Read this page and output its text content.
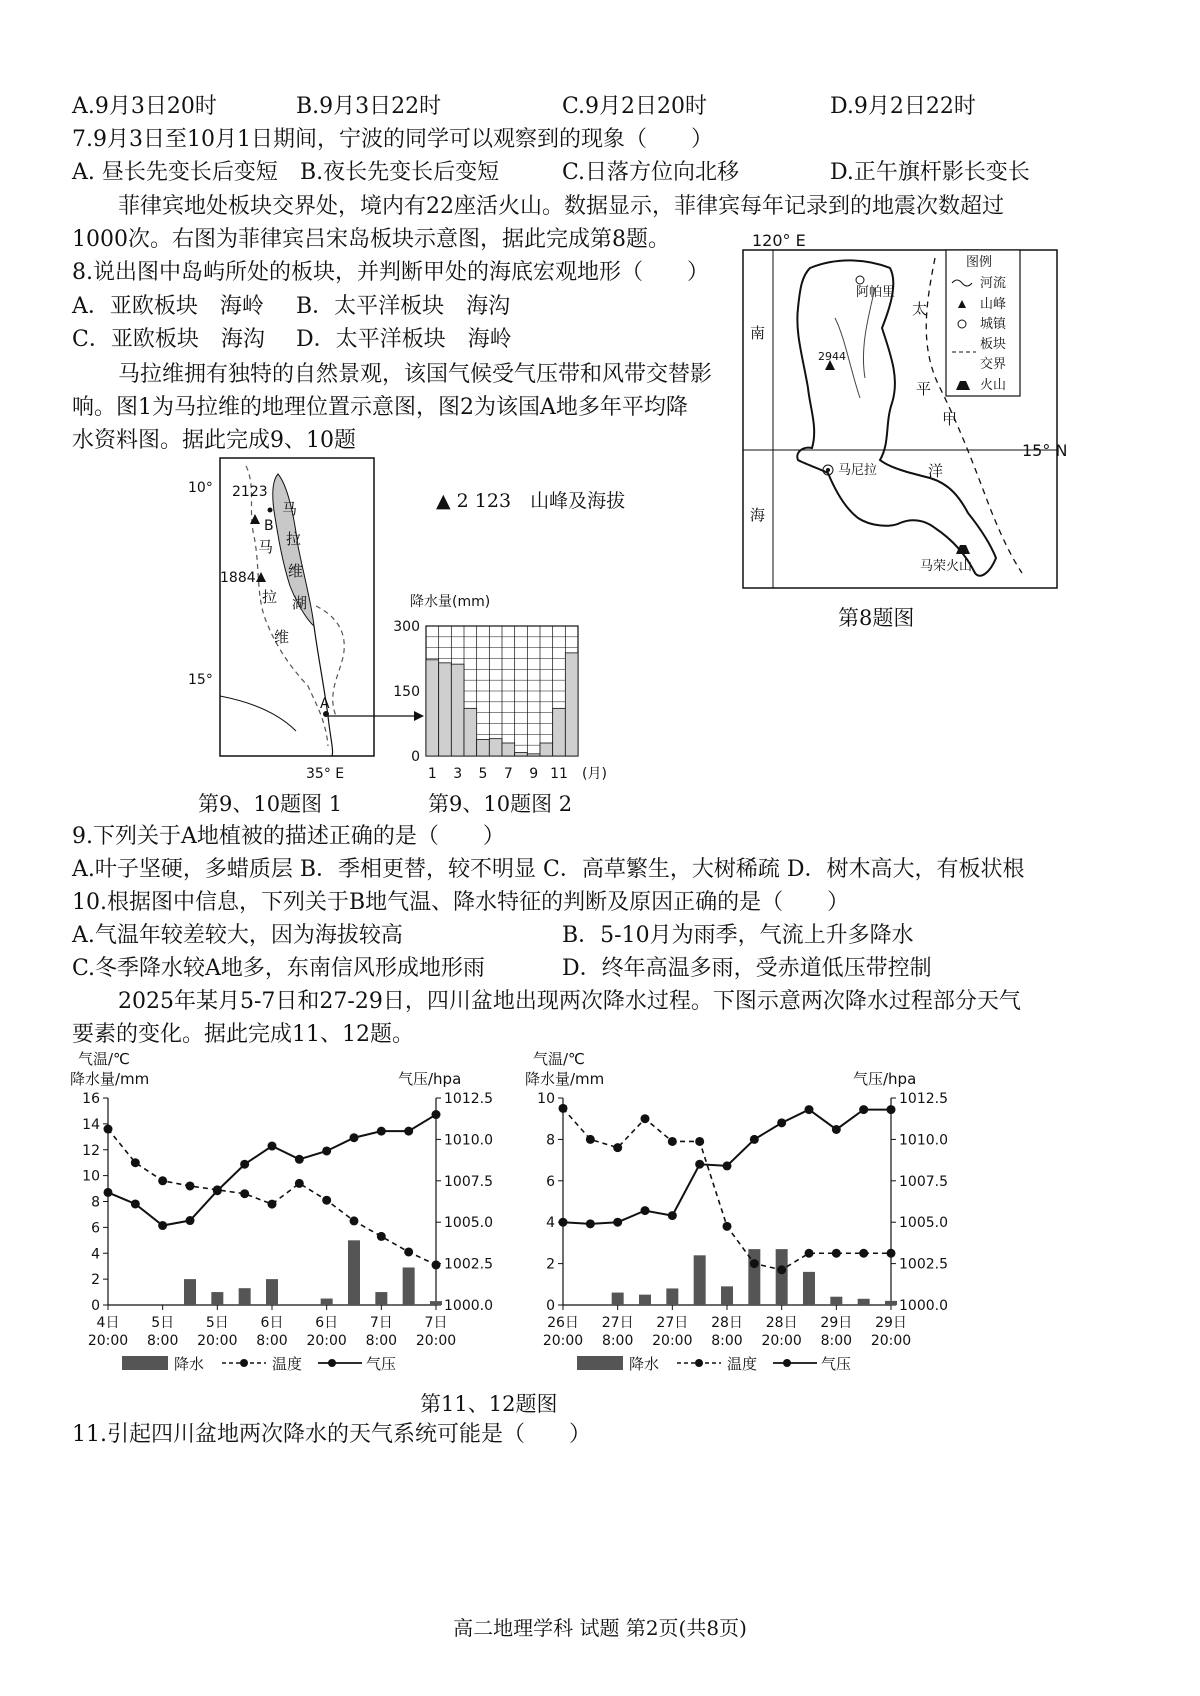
A.9月3日20时	B.9月3日22时	C.9月2日20时	D.9月2日22时
7.9月3日至10月1日期间，宁波的同学可以观察到的现象（　　）
A. 昼长先变长后变短 B.夜长先变长后变短	C.日落方位向北移	D.正午旗杆影长变长
菲律宾地处板块交界处，境内有22座活火山。数据显示，菲律宾每年记录到的地震次数超过
1000次。右图为菲律宾吕宋岛板块示意图，据此完成第8题。
8.说出图中岛屿所处的板块，并判断甲处的海底宏观地形（　　）
A．亚欧板块　海岭 B．太平洋板块　海沟
C．亚欧板块　海沟 D．太平洋板块　海岭
马拉维拥有独特的自然景观，该国气候受气压带和风带交替影
响。图1为马拉维的地理位置示意图，图2为该国A地多年平均降
水资料图。据此完成9、10题
120° E
15° N
阿帕里
2944
马尼拉
马荣火山
南
海
太
平
洋
甲
图例
河流
山峰
城镇
板块
交界
火山
第8题图
10°
15°
35° E
2123
B
1884
马
拉
维
马
拉
维
湖
A
▲ 2 123　山峰及海拔
降水量(mm)
300
150
0
1 3 5 7 9 11 (月)
第9、10题图 1	第9、10题图 2
9.下列关于A地植被的描述正确的是（　　）
A.叶子坚硬，多蜡质层 B．季相更替，较不明显 C．高草繁生，大树稀疏 D．树木高大，有板状根
10.根据图中信息，下列关于B地气温、降水特征的判断及原因正确的是（　　）
A.气温年较差较大，因为海拔较高	B．5-10月为雨季，气流上升多降水
C.冬季降水较A地多，东南信风形成地形雨	D．终年高温多雨，受赤道低压带控制
2025年某月5-7日和27-29日，四川盆地出现两次降水过程。下图示意两次降水过程部分天气
要素的变化。据此完成11、12题。
气温/℃
降水量/mm	气压/hpa
16
14
12
10
8
6
4
2
0
1012.5
1010.0
1007.5
1005.0
1002.5
1000.0
4日
20:00
5日
8:00
5日
20:00
6日
8:00
6日
20:00
7日
8:00
7日
20:00
降水	温度	气压
气温/℃
降水量/mm	气压/hpa
10
8
6
4
2
0
1012.5
1010.0
1007.5
1005.0
1002.5
1000.0
26日
20:00
27日
8:00
27日
20:00
28日
8:00
28日
20:00
29日
8:00
29日
20:00
降水	温度	气压
第11、12题图
11.引起四川盆地两次降水的天气系统可能是（　　）
高二地理学科 试题 第2页(共8页)
